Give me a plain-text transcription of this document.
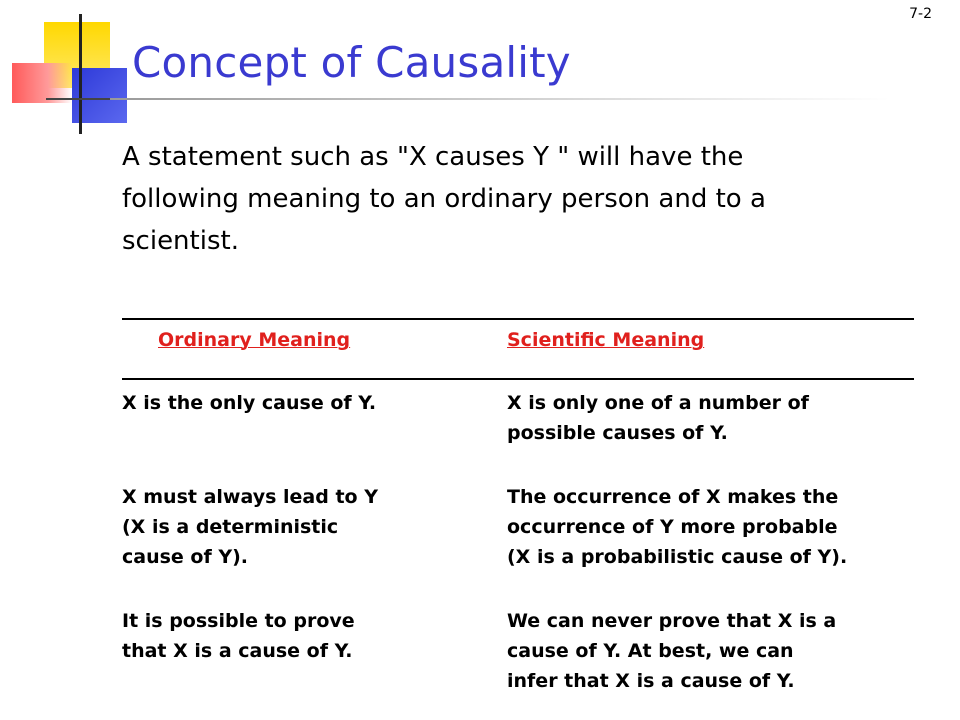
7-2
Concept of Causality

A statement such as "X causes Y " will have the
following meaning to an ordinary person and to a
scientist.

Ordinary Meaning	Scientific Meaning
X is the only cause of Y.	X is only one of a number of
possible causes of Y.
X must always lead to Y
(X is a deterministic
cause of Y).
The occurrence of X makes the
occurrence of Y more probable
(X is a probabilistic cause of Y).
It is possible to prove
that X is a cause of Y.
We can never prove that X is a
cause of Y. At best, we can
infer that X is a cause of Y.
